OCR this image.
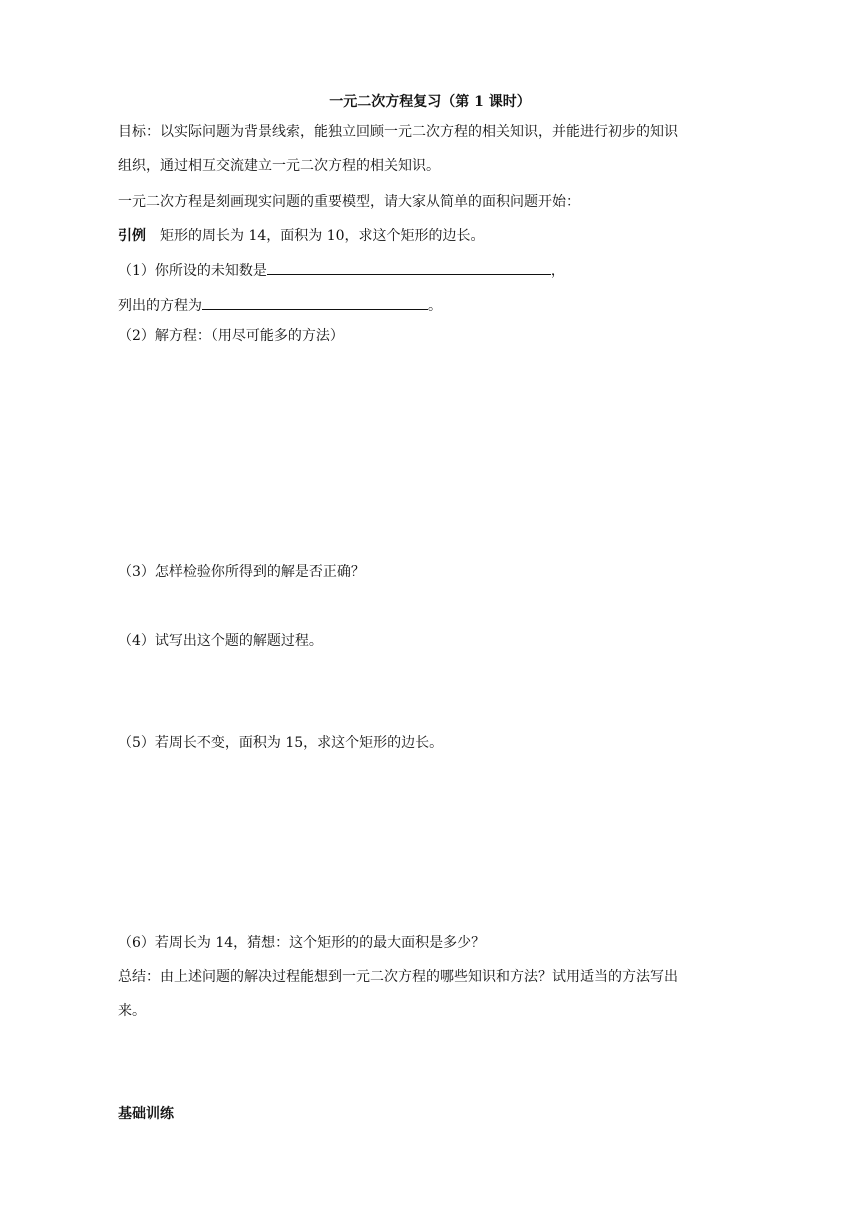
一元二次方程复习（第 1 课时）
目标：以实际问题为背景线索，能独立回顾一元二次方程的相关知识，并能进行初步的知识
组织，通过相互交流建立一元二次方程的相关知识。
一元二次方程是刻画现实问题的重要模型，请大家从简单的面积问题开始：
引例 矩形的周长为 14，面积为 10，求这个矩形的边长。
（1）你所设的未知数是	，
列出的方程为	。
（2）解方程：（用尽可能多的方法）
（3）怎样检验你所得到的解是否正确？
（4）试写出这个题的解题过程。
（5）若周长不变，面积为 15，求这个矩形的边长。
（6）若周长为 14，猜想：这个矩形的的最大面积是多少？
总结：由上述问题的解决过程能想到一元二次方程的哪些知识和方法？试用适当的方法写出
来。
基础训练
